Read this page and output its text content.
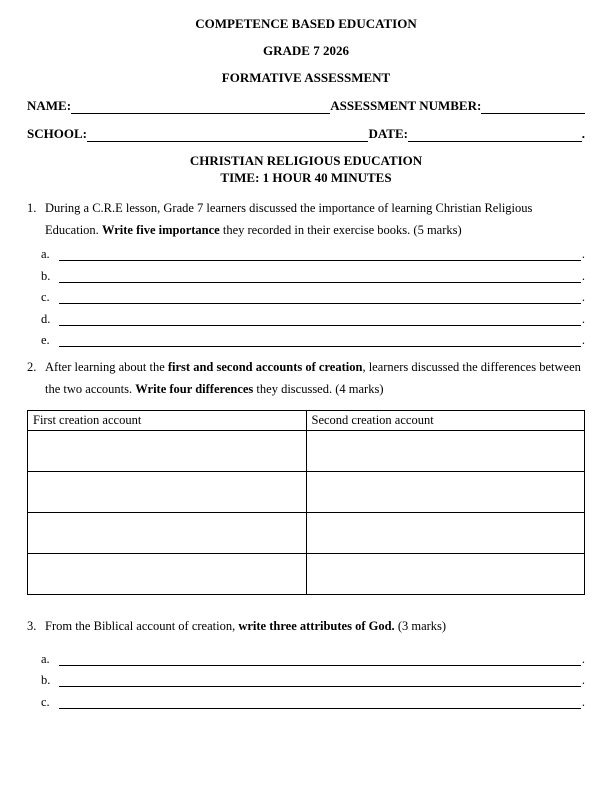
COMPETENCE BASED EDUCATION
GRADE 7 2026
FORMATIVE ASSESSMENT
NAME:	ASSESSMENT NUMBER:
SCHOOL:	DATE:	.
CHRISTIAN RELIGIOUS EDUCATION
TIME: 1 HOUR 40 MINUTES
1. During a C.R.E lesson, Grade 7 learners discussed the importance of learning Christian Religious Education. Write five importance they recorded in their exercise books. (5 marks)
a.	.
b.	.
c.	.
d.	.
e.	.
2. After learning about the first and second accounts of creation, learners discussed the differences between the two accounts. Write four differences they discussed. (4 marks)
First creation account	Second creation account

3. From the Biblical account of creation, write three attributes of God. (3 marks)
a.	.
b.	.
c.	.
